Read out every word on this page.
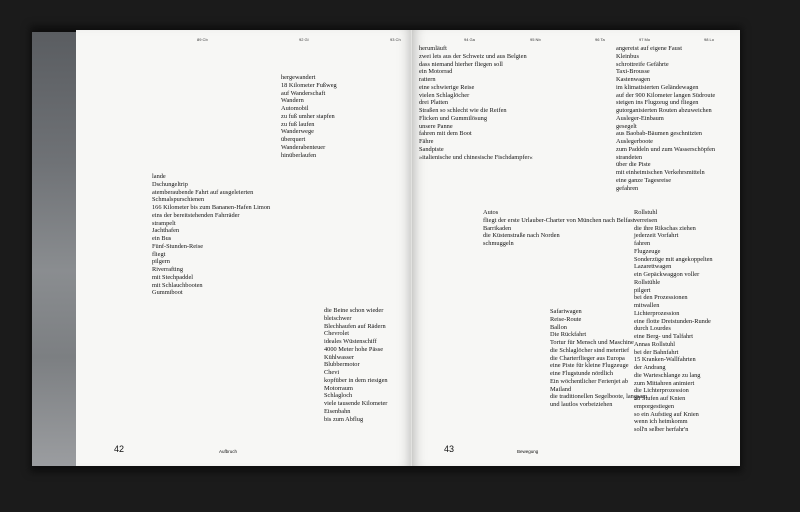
89 Cb	92 Gl	93 Ch
hergewandert
18 Kilometer Fußweg
auf Wanderschaft
Wandern
Automobil
zu fuß umher stapfen
zu fuß laufen
Wanderwege
überquert
Wanderabenteuer
hinüberlaufen
lande
Dschungeltrip
atemberaubende Fahrt auf ausgeleierten
Schmalspurschienen
166 Kilometer bis zum Bananen-Hafen Limon
eins der bereitstehenden Fahrräder
strampelt
Jachthafen
ein Bus
Fünf-Stunden-Reise
fliegt
pilgern
Riverrafting
mit Stechpaddel
mit Schlauchbooten
Gummiboot
die Beine schon wieder
bleischwer
Blechhaufen auf Rädern
Chevrolet
ideales Wüstenschiff
4000 Meter hohe Pässe
Kühlwasser
Blubbermotor
Chevi
kopfüber in dem riesigen
Motorraum
Schlagloch
viele tausende Kilometer
Eisenbahn
bis zum Abflug
42	Aufbruch
94 Ga	95 Nb	96 Ta	97 Mo	98 Lo
herumläuft
zwei lets aus der Schweiz und aus Belgien
dass niemand hierher fliegen soll
ein Motorrad
rattern
eine schwierige Reise
vielen Schlaglöcher
drei Platten
Straßen so schlecht wie die Reifen
Flicken und Gummilösung
unsere Panne
fahren mit dem Boot
Fähre
Sandpiste
»italienische und chinesische Fischdampfer«
angereist auf eigene Faust
Kleinbus
schrottreife Gefährte
Taxi-Brousse
Kastenwagen
im klimatisierten Geländewagen
auf der 900 Kilometer langen Südroute
steigen ins Flugzeug und fliegen
gutorganisierten Routen abzuweichen
Ausleger-Einbaum
gesegelt
aus Baobab-Bäumen geschnitzten
Auslegerboote
zum Paddeln und zum Wasserschöpfen
strandeten
über die Piste
mit einheimischen Verkehrsmitteln
eine ganze Tagesreise
gefahren
Autos
fliegt der erste Urlauber-Charter von München nach Belfast
Barrikaden
die Küstenstraße nach Norden
schmuggeln
Rollstuhl
verreisen
die ihre Rikschas ziehen
jederzeit Vorfahrt
fahren
Flugzeuge
Sonderzüge mit angekoppelten
Lazarettwagen
ein Gepäckwaggon voller
Rollstühle
pilgert
bei den Prozessionen
mitwallen
Lichterprozession
eine flotte Dreistunden-Runde
durch Lourdes
eine Berg- und Talfahrt
Annas Rollstuhl
bei der Bahnfahrt
15 Kranken-Wallfahrten
der Andrang
die Warteschlange zu lang
zum Mittahren animiert
die Lichterprozession
28 Stufen auf Knien
emporgestiegen
so ein Aufstieg auf Knien
wenn ich heimkomm
soll'n selber herfahr'n
Safariwagen
Reise-Route
Ballon
Die Rückfahrt
Tortur für Mensch und Maschine
die Schlaglöcher sind metertief
die Charterflieger aus Europa
eine Piste für kleine Flugzeuge
eine Flugstunde nördlich
Ein wöchentlicher Ferienjet ab
Mailand
die traditionellen Segelboote, langsam
und lautlos vorbeiziehen
43	Bewegung
